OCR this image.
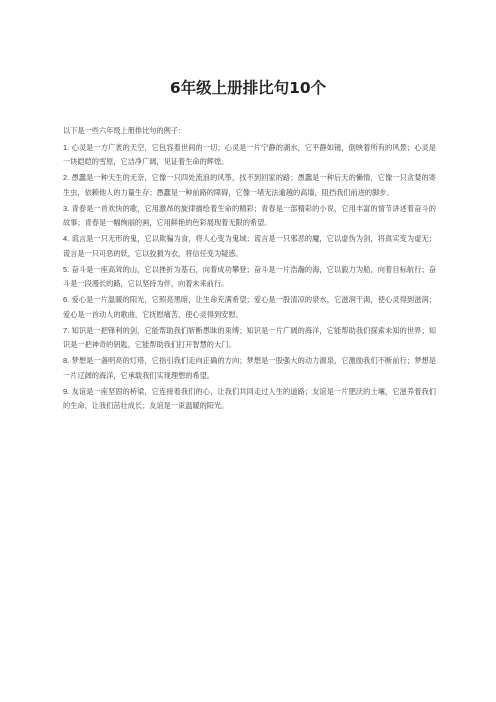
6年级上册排比句10个

以下是一些六年级上册排比句的例子：

1. 心灵是一方广袤的天空，它包容着世间的一切；心灵是一片宁静的湖水，它平静如镜，倒映着所有的风景；心灵是一块皑皑的雪原，它洁净广阔，见证着生命的辉煌。

2. 愚蠢是一种天生的无奈，它像一只四处流浪的风筝，找不到回家的路；愚蠢是一种后天的懒惰，它像一只贪婪的寄生虫，依赖他人的力量生存；愚蠢是一种前路的障碍，它像一堵无法逾越的高墙，阻挡我们前进的脚步。

3. 青春是一首欢快的歌，它用激昂的旋律描绘着生命的精彩；青春是一部精彩的小说，它用丰富的情节讲述着奋斗的故事；青春是一幅绚丽的画，它用鲜艳的色彩展现着无限的希望。

4. 谎言是一只无形的鬼，它以欺骗为食，将人心变为鬼域；谎言是一只邪恶的魔，它以虚伪为剑，将真实变为虚无；谎言是一只可恶的妖，它以狡猾为衣，将信任变为疑惑。

5. 奋斗是一座高耸的山，它以挫折为基石，向着成功攀登；奋斗是一片浩瀚的海，它以毅力为船，向着目标航行；奋斗是一段漫长的路，它以坚持为伴，向着未来前行。

6. 爱心是一片温暖的阳光，它照亮黑暗，让生命充满希望；爱心是一股清凉的泉水，它滋润干渴，使心灵得到滋润；爱心是一首动人的歌曲，它抚慰痛苦，使心灵得到安慰。

7. 知识是一把锋利的剑，它能帮助我们斩断愚昧的束缚；知识是一片广阔的海洋，它能帮助我们探索未知的世界；知识是一把神奇的钥匙，它能帮助我们打开智慧的大门。

8. 梦想是一盏明亮的灯塔，它指引我们走向正确的方向；梦想是一股强大的动力源泉，它激励我们不断前行；梦想是一片辽阔的海洋，它承载我们实现理想的希望。

9. 友谊是一座坚固的桥梁，它连接着我们的心，让我们共同走过人生的道路；友谊是一片肥沃的土壤，它滋养着我们的生命，让我们茁壮成长；友谊是一束温暖的阳光。
